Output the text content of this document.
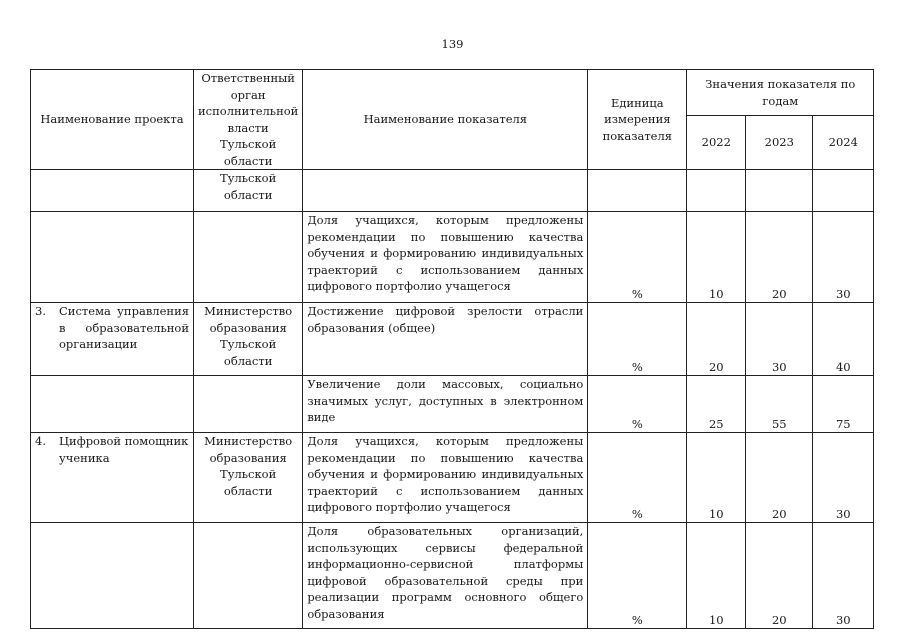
139
Наименование проекта	Ответственный орган исполнительной власти Тульской области	Наименование показателя	Единица измерения показателя	Значения показателя по годам		
				2022	2023	2024
	Тульской области					

		Доля учащихся, которым предложены рекомендации по повышению качества обучения и формированию индивидуальных траекторий с использованием данных цифрового портфолио учащегося	%	10	20	30

3. Система управления в образовательной организации	Министерство образования Тульской области	Достижение цифровой зрелости отрасли образования (общее)	%	20	30	40

		Увеличение доли массовых, социально значимых услуг, доступных в электронном виде	%	25	55	75

4. Цифровой помощник ученика	Министерство образования Тульской области	Доля учащихся, которым предложены рекомендации по повышению качества обучения и формированию индивидуальных траекторий с использованием данных цифрового портфолио учащегося	%	10	20	30

		Доля образовательных организаций, использующих сервисы федеральной информационно-сервисной платформы цифровой образовательной среды при реализации программ основного общего образования	%	10	20	30
